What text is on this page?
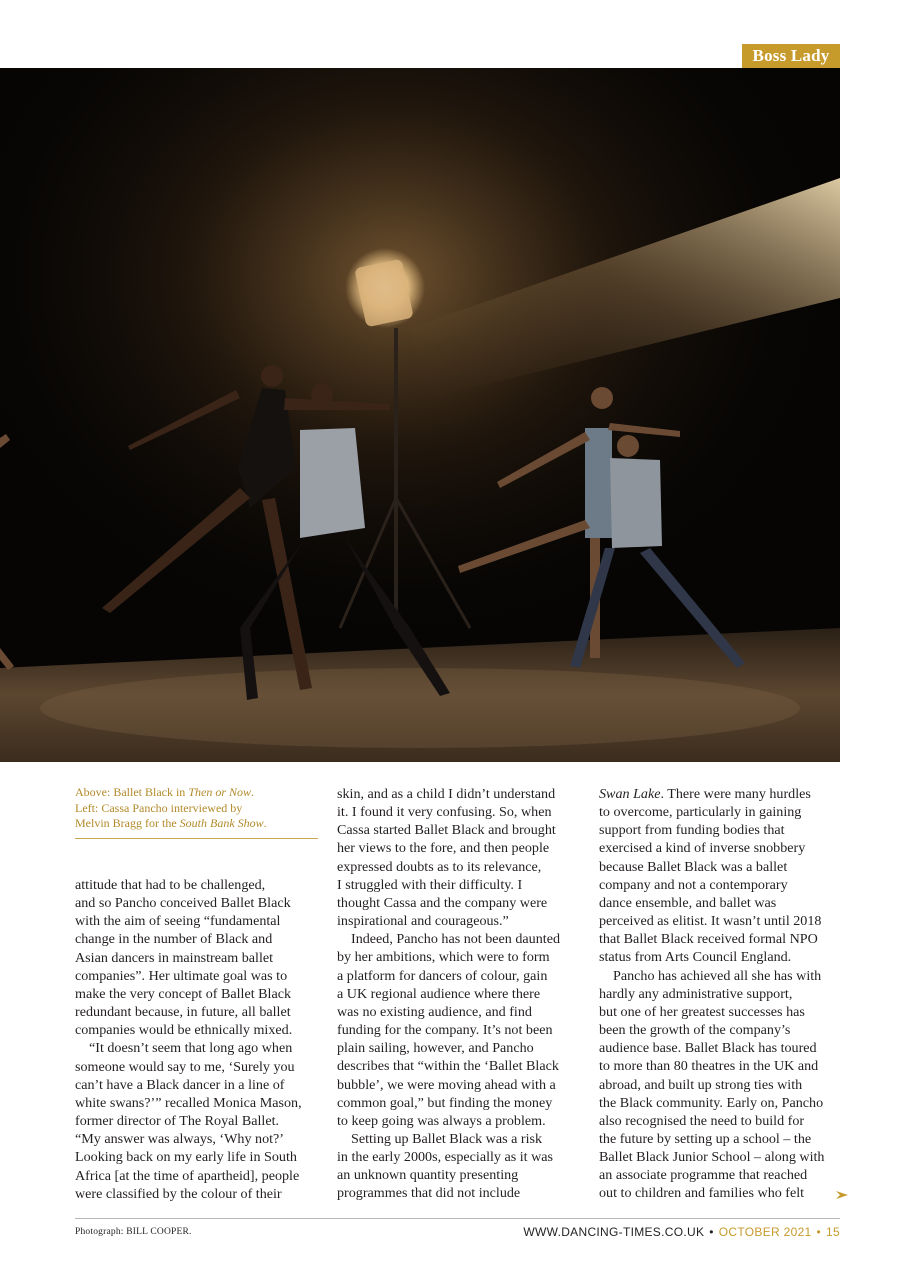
Boss Lady
Above: Ballet Black in Then or Now.
Left: Cassa Pancho interviewed by
Melvin Bragg for the South Bank Show.
attitude that had to be challenged,
and so Pancho conceived Ballet Black
with the aim of seeing “fundamental
change in the number of Black and
Asian dancers in mainstream ballet
companies”. Her ultimate goal was to
make the very concept of Ballet Black
redundant because, in future, all ballet
companies would be ethnically mixed.
“It doesn’t seem that long ago when
someone would say to me, ‘Surely you
can’t have a Black dancer in a line of
white swans?’” recalled Monica Mason,
former director of The Royal Ballet.
“My answer was always, ‘Why not?’
Looking back on my early life in South
Africa [at the time of apartheid], people
were classified by the colour of their
skin, and as a child I didn’t understand
it. I found it very confusing. So, when
Cassa started Ballet Black and brought
her views to the fore, and then people
expressed doubts as to its relevance,
I struggled with their difficulty. I
thought Cassa and the company were
inspirational and courageous.”
Indeed, Pancho has not been daunted
by her ambitions, which were to form
a platform for dancers of colour, gain
a UK regional audience where there
was no existing audience, and find
funding for the company. It’s not been
plain sailing, however, and Pancho
describes that “within the ‘Ballet Black
bubble’, we were moving ahead with a
common goal,” but finding the money
to keep going was always a problem.
Setting up Ballet Black was a risk
in the early 2000s, especially as it was
an unknown quantity presenting
programmes that did not include
Swan Lake. There were many hurdles
to overcome, particularly in gaining
support from funding bodies that
exercised a kind of inverse snobbery
because Ballet Black was a ballet
company and not a contemporary
dance ensemble, and ballet was
perceived as elitist. It wasn’t until 2018
that Ballet Black received formal NPO
status from Arts Council England.
Pancho has achieved all she has with
hardly any administrative support,
but one of her greatest successes has
been the growth of the company’s
audience base. Ballet Black has toured
to more than 80 theatres in the UK and
abroad, and built up strong ties with
the Black community. Early on, Pancho
also recognised the need to build for
the future by setting up a school – the
Ballet Black Junior School – along with
an associate programme that reached
out to children and families who felt
Photograph: BILL COOPER.	WWW.DANCING-TIMES.CO.UK • OCTOBER 2021 • 15
